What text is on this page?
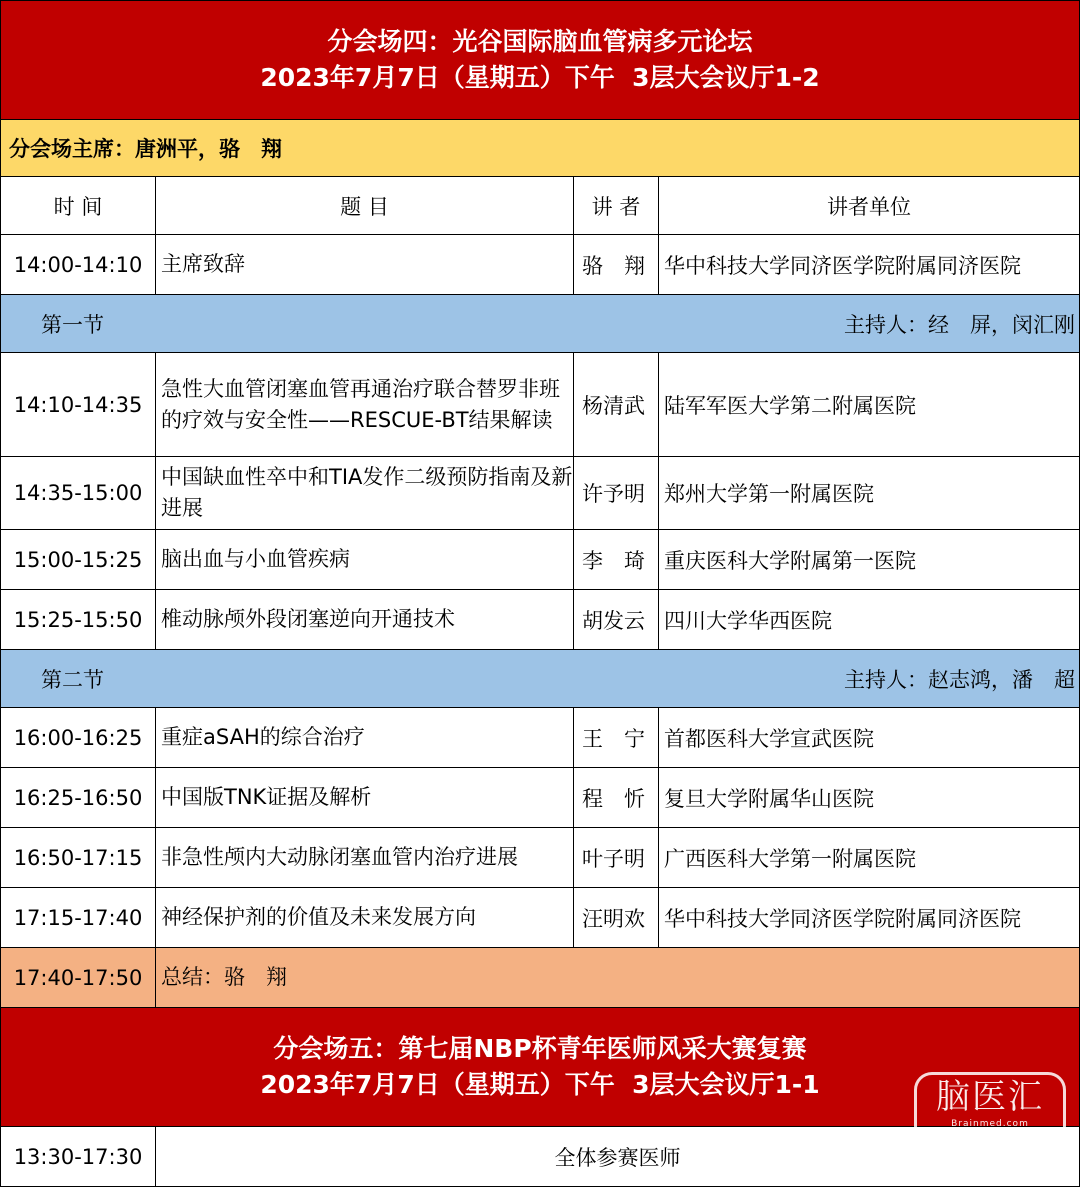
分会场四：光谷国际脑血管病多元论坛
2023年7月7日（星期五）下午  3层大会议厅1-2			

分会场主席：唐洲平，骆　翔			
时 间	题 目	讲 者	讲者单位
14:00-14:10	主席致辞	骆　翔	华中科技大学同济医学院附属同济医院
第一节 主持人：经　屏，闵汇刚			

14:10-14:35	急性大血管闭塞血管再通治疗联合替罗非班的疗效与安全性——RESCUE-BT结果解读	杨清武	陆军军医大学第二附属医院
14:35-15:00	中国缺血性卒中和TIA发作二级预防指南及新进展	许予明	郑州大学第一附属医院
15:00-15:25	脑出血与小血管疾病	李　琦	重庆医科大学附属第一医院
15:25-15:50	椎动脉颅外段闭塞逆向开通技术	胡发云	四川大学华西医院
第二节 主持人：赵志鸿，潘　超			

16:00-16:25	重症aSAH的综合治疗	王　宁	首都医科大学宣武医院
16:25-16:50	中国版TNK证据及解析	程　忻	复旦大学附属华山医院
16:50-17:15	非急性颅内大动脉闭塞血管内治疗进展	叶子明	广西医科大学第一附属医院
17:15-17:40	神经保护剂的价值及未来发展方向	汪明欢	华中科技大学同济医学院附属同济医院
17:40-17:50	总结：骆　翔		

分会场五：第七届NBP杯青年医师风采大赛复赛
2023年7月7日（星期五）下午  3层大会议厅1-1			

13:30-17:30	全体参赛医师		
脑医汇
Brainmed.com
